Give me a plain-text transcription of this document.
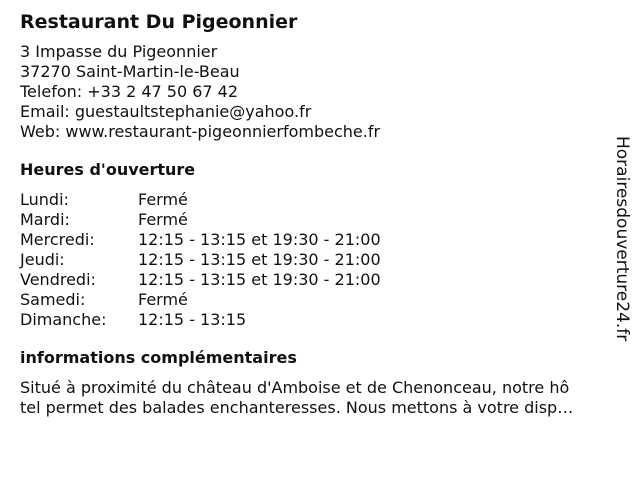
Restaurant Du Pigeonnier
3 Impasse du Pigeonnier
37270 Saint-Martin-le-Beau
Telefon: +33 2 47 50 67 42
Email: guestaultstephanie@yahoo.fr
Web: www.restaurant-pigeonnierfombeche.fr
Heures d'ouverture
Lundi:	Fermé
Mardi:	Fermé
Mercredi:	12:15 - 13:15 et 19:30 - 21:00
Jeudi:	12:15 - 13:15 et 19:30 - 21:00
Vendredi:	12:15 - 13:15 et 19:30 - 21:00
Samedi:	Fermé
Dimanche: 12:15 - 13:15
informations complémentaires
Situé à proximité du château d'Amboise et de Chenonceau, notre hô
tel permet des balades enchanteresses. Nous mettons à votre disp…
Horairesdouverture24.fr
